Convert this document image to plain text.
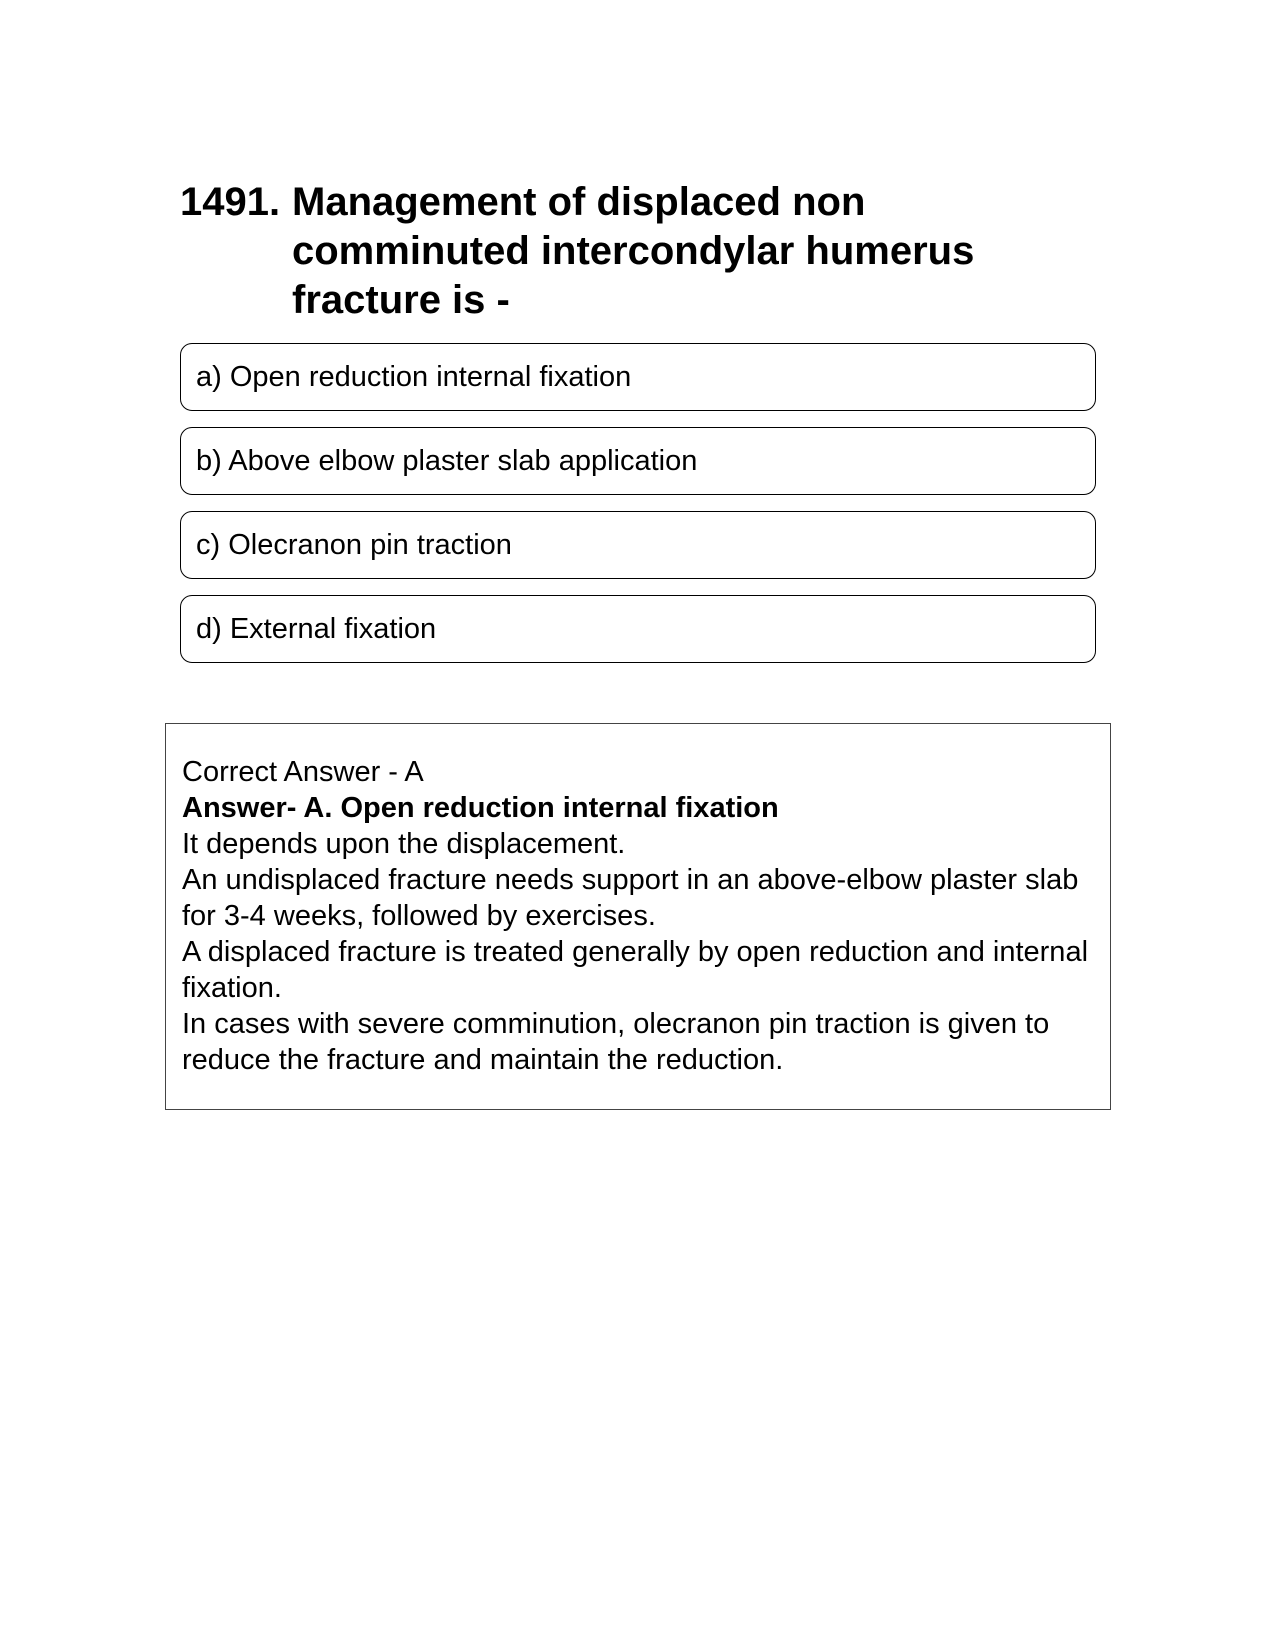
1491. Management of displaced non comminuted intercondylar humerus fracture is -
a) Open reduction internal fixation
b) Above elbow plaster slab application
c) Olecranon pin traction
d) External fixation

Correct Answer - A

Answer- A. Open reduction internal fixation

It depends upon the displacement.

An undisplaced fracture needs support in an above-elbow plaster slab for 3-4 weeks, followed by exercises.

A displaced fracture is treated generally by open reduction and internal fixation.

In cases with severe comminution, olecranon pin traction is given to reduce the fracture and maintain the reduction.
